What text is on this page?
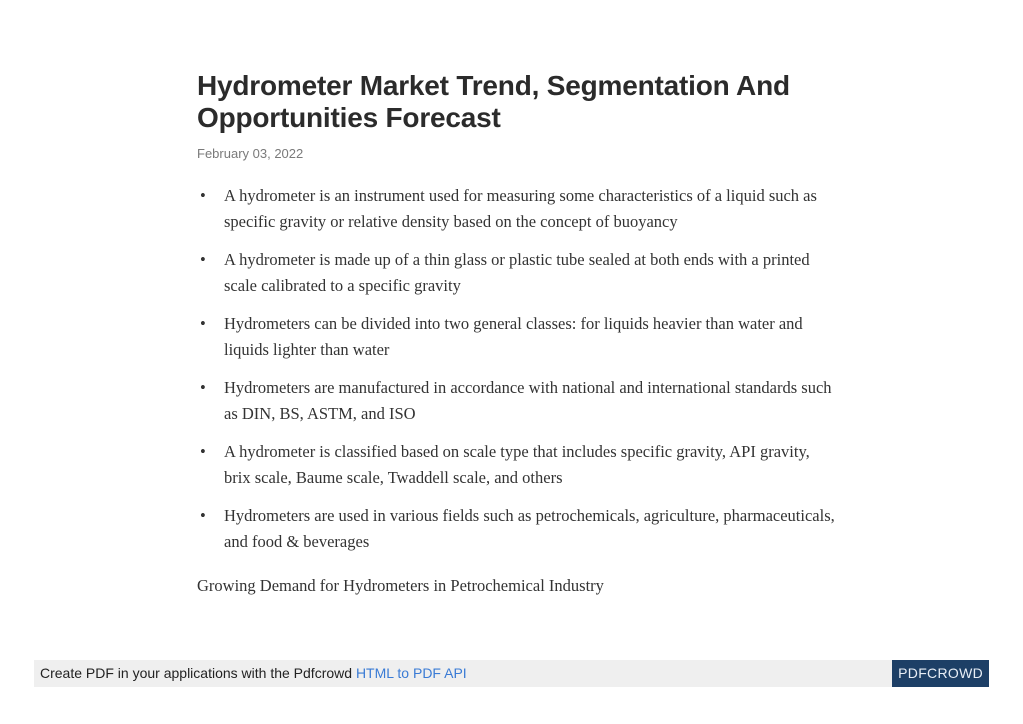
Hydrometer Market Trend, Segmentation And Opportunities Forecast
February 03, 2022
• A hydrometer is an instrument used for measuring some characteristics of a liquid such as specific gravity or relative density based on the concept of buoyancy
• A hydrometer is made up of a thin glass or plastic tube sealed at both ends with a printed scale calibrated to a specific gravity
• Hydrometers can be divided into two general classes: for liquids heavier than water and liquids lighter than water
• Hydrometers are manufactured in accordance with national and international standards such as DIN, BS, ASTM, and ISO
• A hydrometer is classified based on scale type that includes specific gravity, API gravity, brix scale, Baume scale, Twaddell scale, and others
• Hydrometers are used in various fields such as petrochemicals, agriculture, pharmaceuticals, and food & beverages
Growing Demand for Hydrometers in Petrochemical Industry
Create PDF in your applications with the Pdfcrowd HTML to PDF API	PDFCROWD
